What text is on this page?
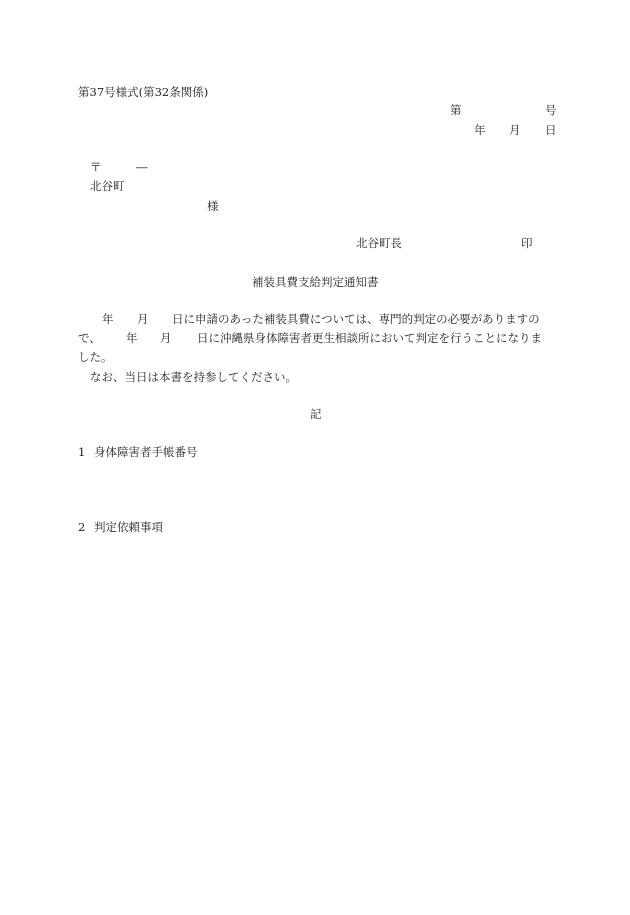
第37号様式(第32条関係)
第	号
年 月 日
〒	―
北谷町
様
北谷町長	印
補装具費支給判定通知書
年 月 日に申請のあった補装具費については、専門的判定の必要がありますの
で、 年 月 日に沖縄県身体障害者更生相談所において判定を行うことになりま
した。
なお、当日は本書を持参してください。
記
1 身体障害者手帳番号
2 判定依頼事項
